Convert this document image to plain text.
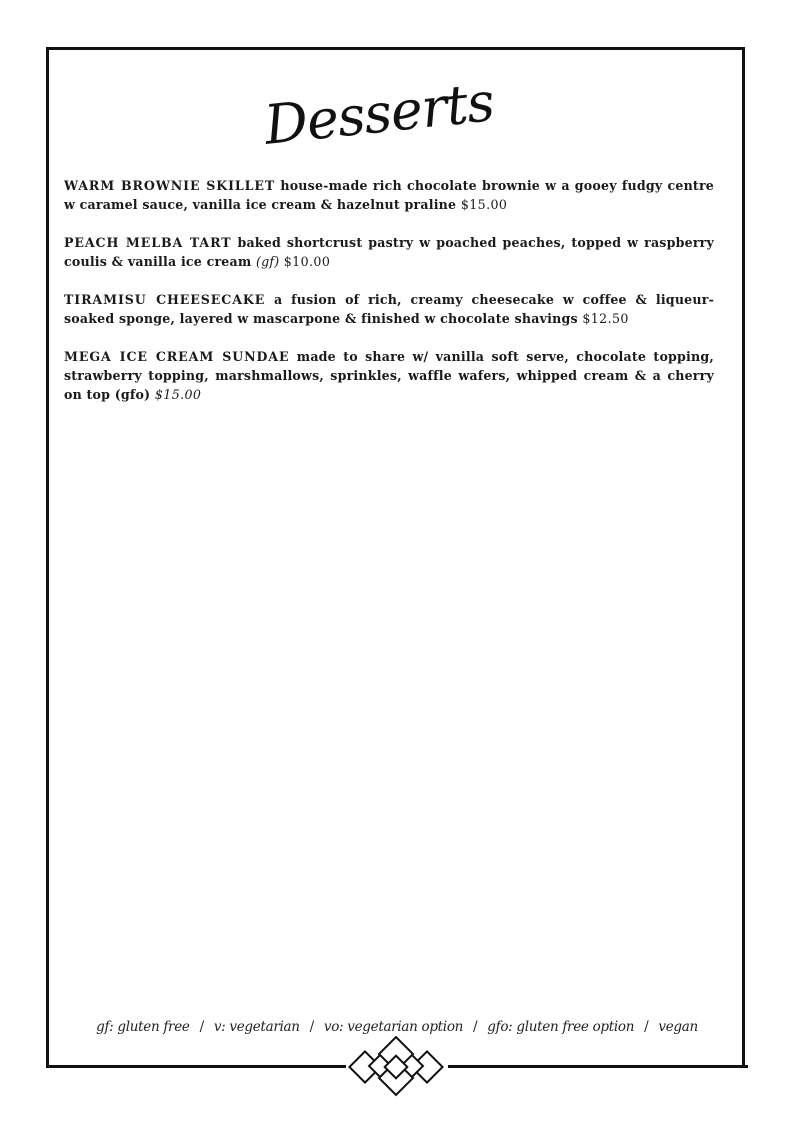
Desserts
WARM BROWNIE SKILLET house-made rich chocolate brownie w a gooey fudgy centre w caramel sauce, vanilla ice cream & hazelnut praline $15.00
PEACH MELBA TART baked shortcrust pastry w poached peaches, topped w raspberry coulis & vanilla ice cream (gf) $10.00
TIRAMISU CHEESECAKE a fusion of rich, creamy cheesecake w coffee & liqueur-soaked sponge, layered w mascarpone & finished w chocolate shavings $12.50
MEGA ICE CREAM SUNDAE made to share w/ vanilla soft serve, chocolate topping, strawberry topping, marshmallows, sprinkles, waffle wafers, whipped cream & a cherry on top (gfo) $15.00
gf: gluten free / v: vegetarian / vo: vegetarian option / gfo: gluten free option / vegan
